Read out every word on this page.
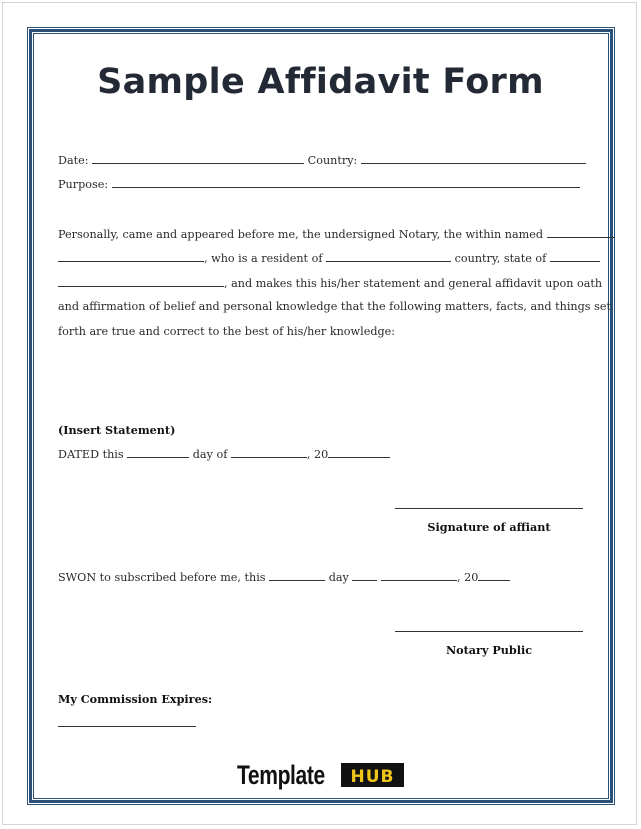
Sample Affidavit Form
Date:	Country:
Purpose:
Personally, came and appeared before me, the undersigned Notary, the within named
, who is a resident of	country, state of
, and makes this his/her statement and general affidavit upon oath
and affirmation of belief and personal knowledge that the following matters, facts, and things set
forth are true and correct to the best of his/her knowledge:
(Insert Statement)
DATED this	day of	, 20
Signature of affiant
SWON to subscribed before me, this	day	, 20
Notary Public
My Commission Expires:
Template	HUB
